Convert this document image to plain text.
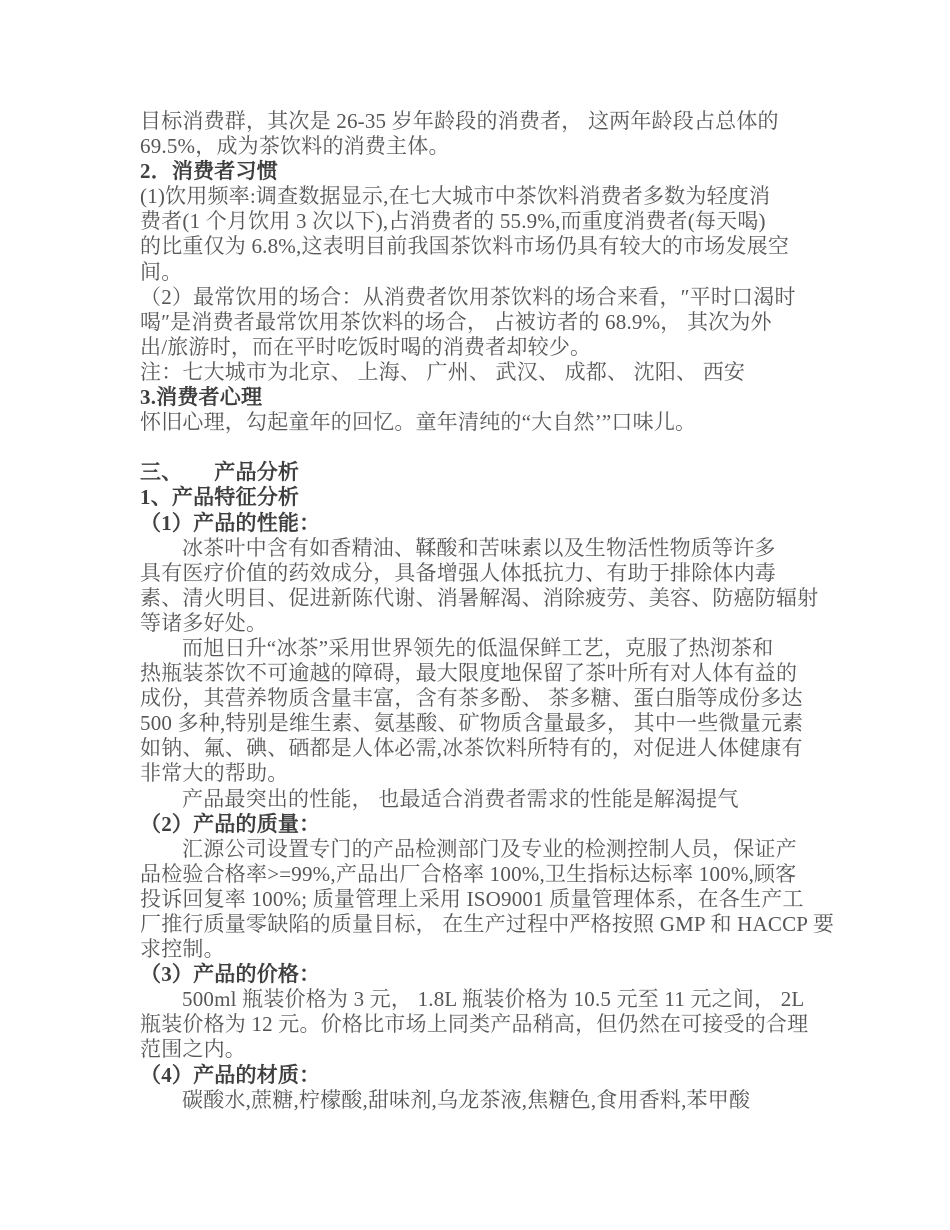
目标消费群，其次是 26-35 岁年龄段的消费者， 这两年龄段占总体的
69.5%，成为茶饮料的消费主体。
2．消费者习惯
(1)饮用频率:调查数据显示,在七大城市中茶饮料消费者多数为轻度消
费者(1 个月饮用 3 次以下),占消费者的 55.9%,而重度消费者(每天喝)
的比重仅为 6.8%,这表明目前我国茶饮料市场仍具有较大的市场发展空
间。
（2）最常饮用的场合：从消费者饮用茶饮料的场合来看，″平时口渴时
喝″是消费者最常饮用茶饮料的场合， 占被访者的 68.9%， 其次为外
出/旅游时，而在平时吃饭时喝的消费者却较少。
注：七大城市为北京、 上海、 广州、 武汉、 成都、 沈阳、 西安
3.消费者心理
怀旧心理，勾起童年的回忆。童年清纯的“大自然’”口味儿。
三、　　产品分析
1、产品特征分析
（1）产品的性能：
冰茶叶中含有如香精油、鞣酸和苦味素以及生物活性物质等许多
具有医疗价值的药效成分，具备增强人体抵抗力、有助于排除体内毒
素、清火明目、促进新陈代谢、消暑解渴、消除疲劳、美容、防癌防辐射
等诸多好处。
而旭日升“冰茶”采用世界领先的低温保鲜工艺，克服了热沏茶和
热瓶装茶饮不可逾越的障碍，最大限度地保留了茶叶所有对人体有益的
成份，其营养物质含量丰富，含有茶多酚、 茶多糖、蛋白脂等成份多达
500 多种,特别是维生素、氨基酸、矿物质含量最多， 其中一些微量元素
如钠、氟、碘、硒都是人体必需,冰茶饮料所特有的，对促进人体健康有
非常大的帮助。
产品最突出的性能， 也最适合消费者需求的性能是解渴提气
（2）产品的质量：
汇源公司设置专门的产品检测部门及专业的检测控制人员，保证产
品检验合格率>=99%,产品出厂合格率 100%,卫生指标达标率 100%,顾客
投诉回复率 100%; 质量管理上采用 ISO9001 质量管理体系，在各生产工
厂推行质量零缺陷的质量目标， 在生产过程中严格按照 GMP 和 HACCP 要
求控制。
（3）产品的价格：
500ml 瓶装价格为 3 元， 1.8L 瓶装价格为 10.5 元至 11 元之间， 2L
瓶装价格为 12 元。价格比市场上同类产品稍高，但仍然在可接受的合理
范围之内。
（4）产品的材质：
碳酸水,蔗糖,柠檬酸,甜味剂,乌龙茶液,焦糖色,食用香料,苯甲酸
